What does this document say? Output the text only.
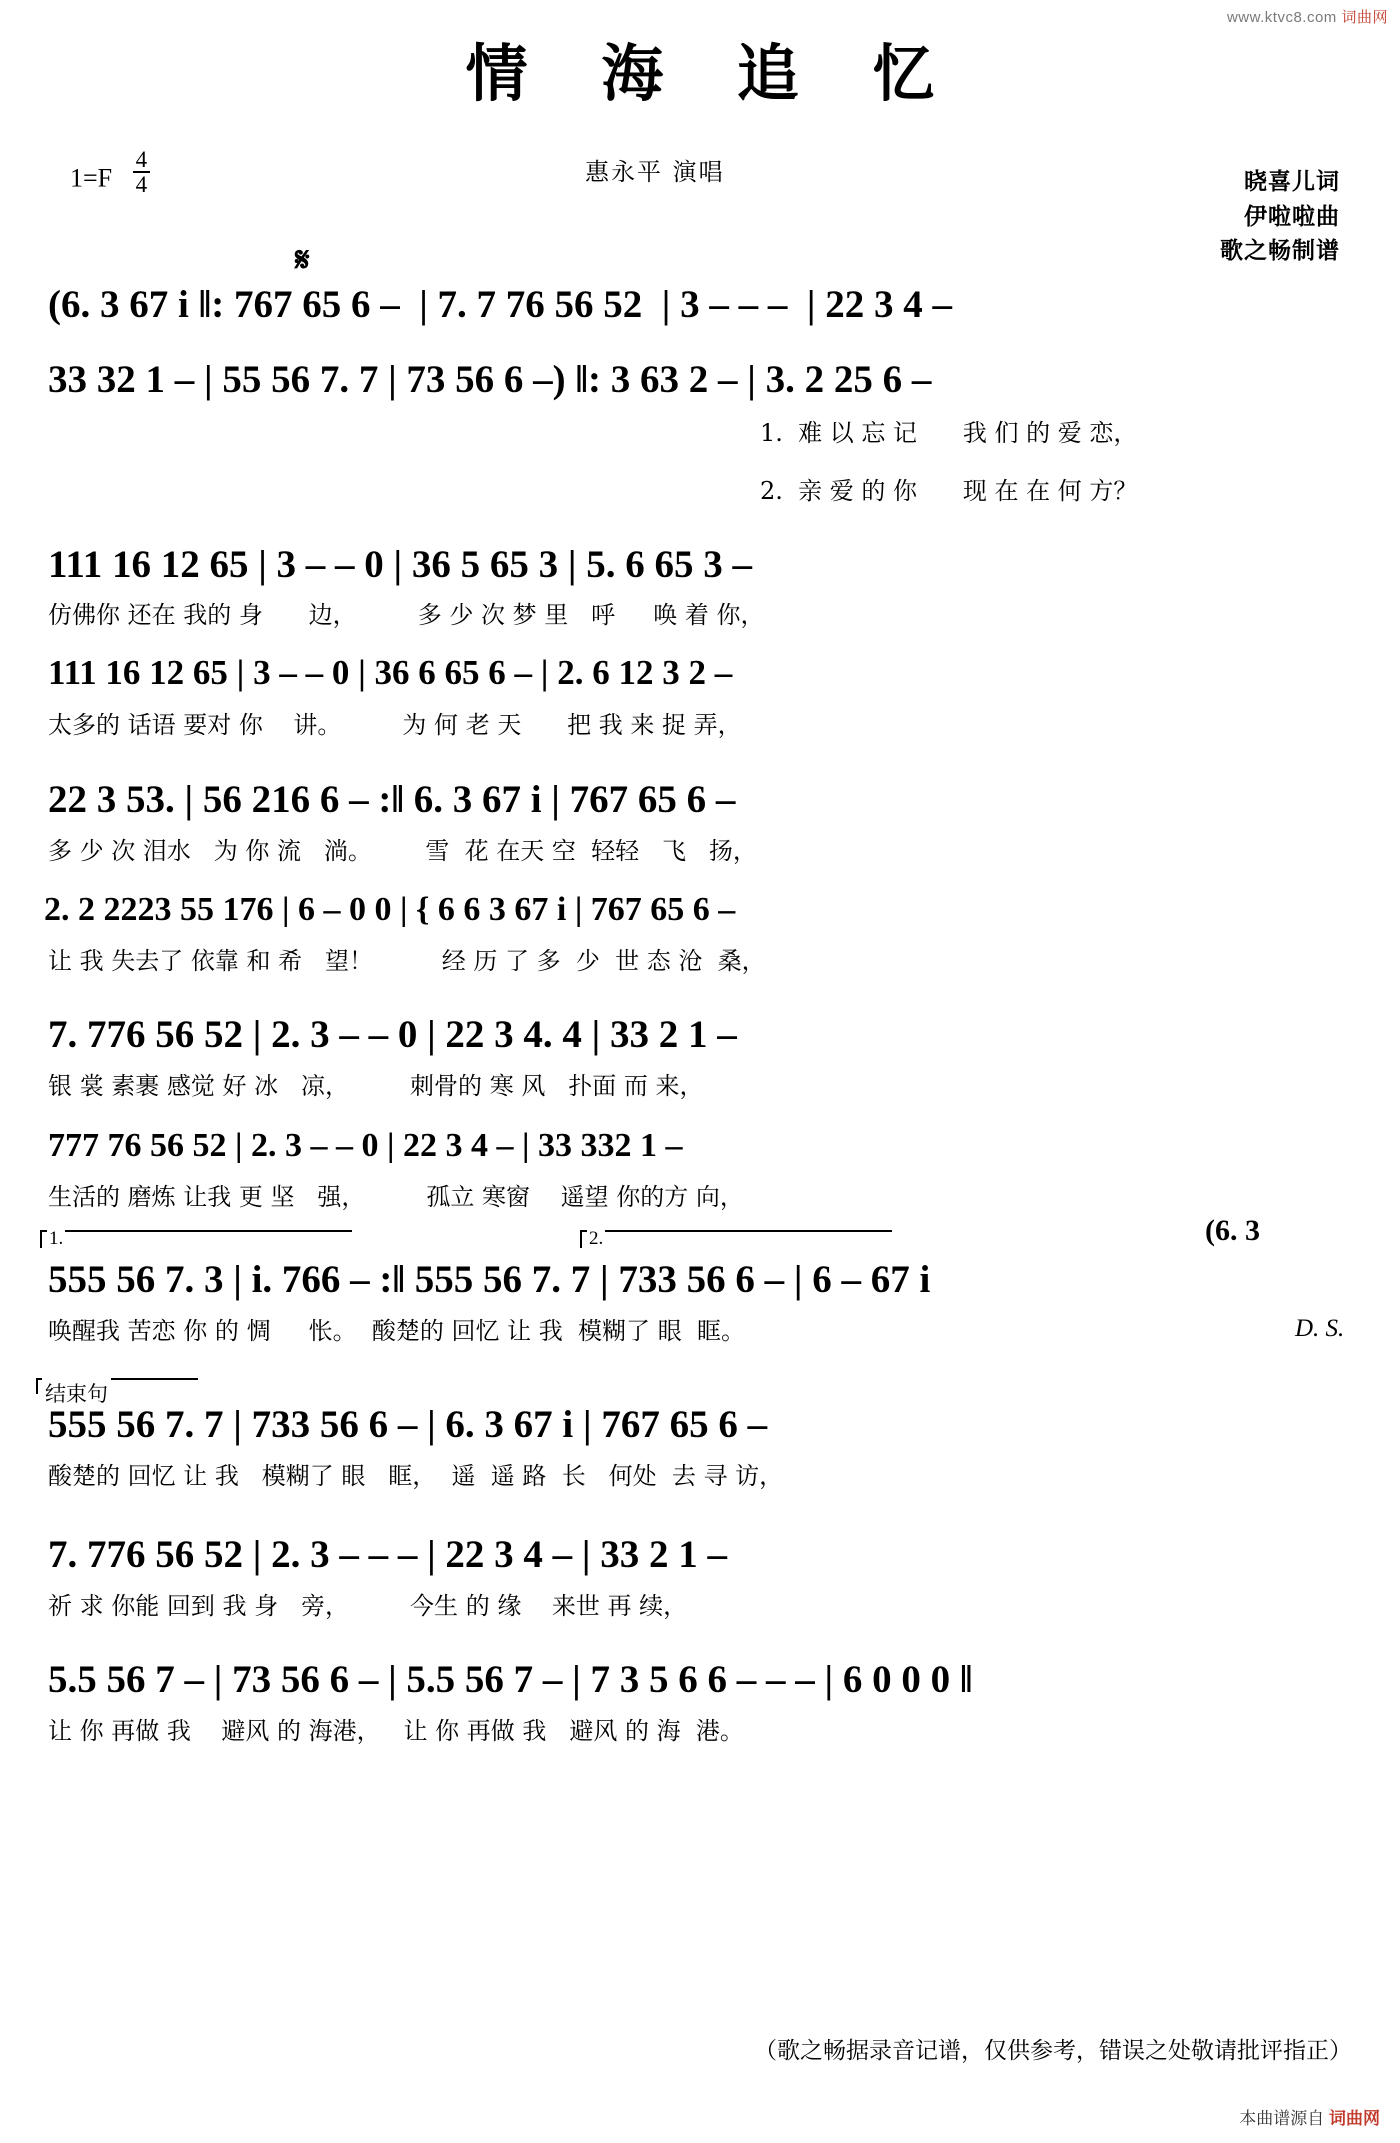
www.ktvc8.com 词曲网
情 海 追 忆
$1=F \frac{4}{4}$	惠永平 演唱	晓喜儿词
伊啦啦曲
歌之畅制谱
𝄋
(6. 3 67 i ‖: 767 65 6 –  | 7. 7 76 56 52  | 3 – – –  | 22 3 4 –
33 32 1 – | 55 56 7. 7 | 73 56 6 –) ‖: 3 63 2 – | 3. 2 25 6 –
1.  难 以 忘 记      我 们 的 爱 恋，
2.  亲 爱 的 你      现 在 在 何 方？
111 16 12 65 | 3 – – 0 | 36 5 65 3 | 5. 6 65 3 –
仿佛你 还在 我的 身      边，        多 少 次 梦 里   呼     唤 着 你，
111 16 12 65 | 3 – – 0 | 36 6 65 6 – | 2. 6 12 3 2 –
太多的 话语 要对 你    讲。        为 何 老 天      把 我 来 捉 弄，
22 3 53. | 56 216 6 – :‖ 6. 3 67 i | 767 65 6 –
多 少 次 泪水   为 你 流   淌。       雪  花 在天 空  轻轻   飞   扬，
2. 2 2223 55 176 | 6 – 0 0 | { 6 6 3 67 i | 767 65 6 –
让 我 失去了 依靠 和 希   望！         经 历 了 多  少  世 态 沧  桑，
7. 776 56 52 | 2. 3 – – 0 | 22 3 4. 4 | 33 2 1 –
银 裳 素裹 感觉 好 冰   凉，        刺骨的 寒 风   扑面 而 来，
777 76 56 52 | 2. 3 – – 0 | 22 3 4 – | 33 332 1 –
生活的 磨炼 让我 更 坚   强，        孤立 寒窗    遥望 你的方 向，
1.	2.
555 56 7. 3 | i. 766 – :‖ 555 56 7. 7 | 733 56 6 – | 6 – 67 i
唤醒我 苦恋 你 的 惆     怅。  酸楚的 回忆 让 我  模糊了 眼  眶。
(6. 3
D. S.
结束句
555 56 7. 7 | 733 56 6 – | 6. 3 67 i | 767 65 6 –
酸楚的 回忆 让 我   模糊了 眼   眶，  遥  遥 路  长   何处  去 寻 访，
7. 776 56 52 | 2. 3 – – – | 22 3 4 – | 33 2 1 –
祈 求 你能 回到 我 身   旁，        今生 的 缘    来世 再 续，
5.5 56 7 – | 73 56 6 – | 5.5 56 7 – | 7 3 5 6 6 – – – | 6 0 0 0 ‖
让 你 再做 我    避风 的 海港，   让 你 再做 我   避风 的 海  港。
（歌之畅据录音记谱，仅供参考，错误之处敬请批评指正）
本曲谱源自 词曲网
